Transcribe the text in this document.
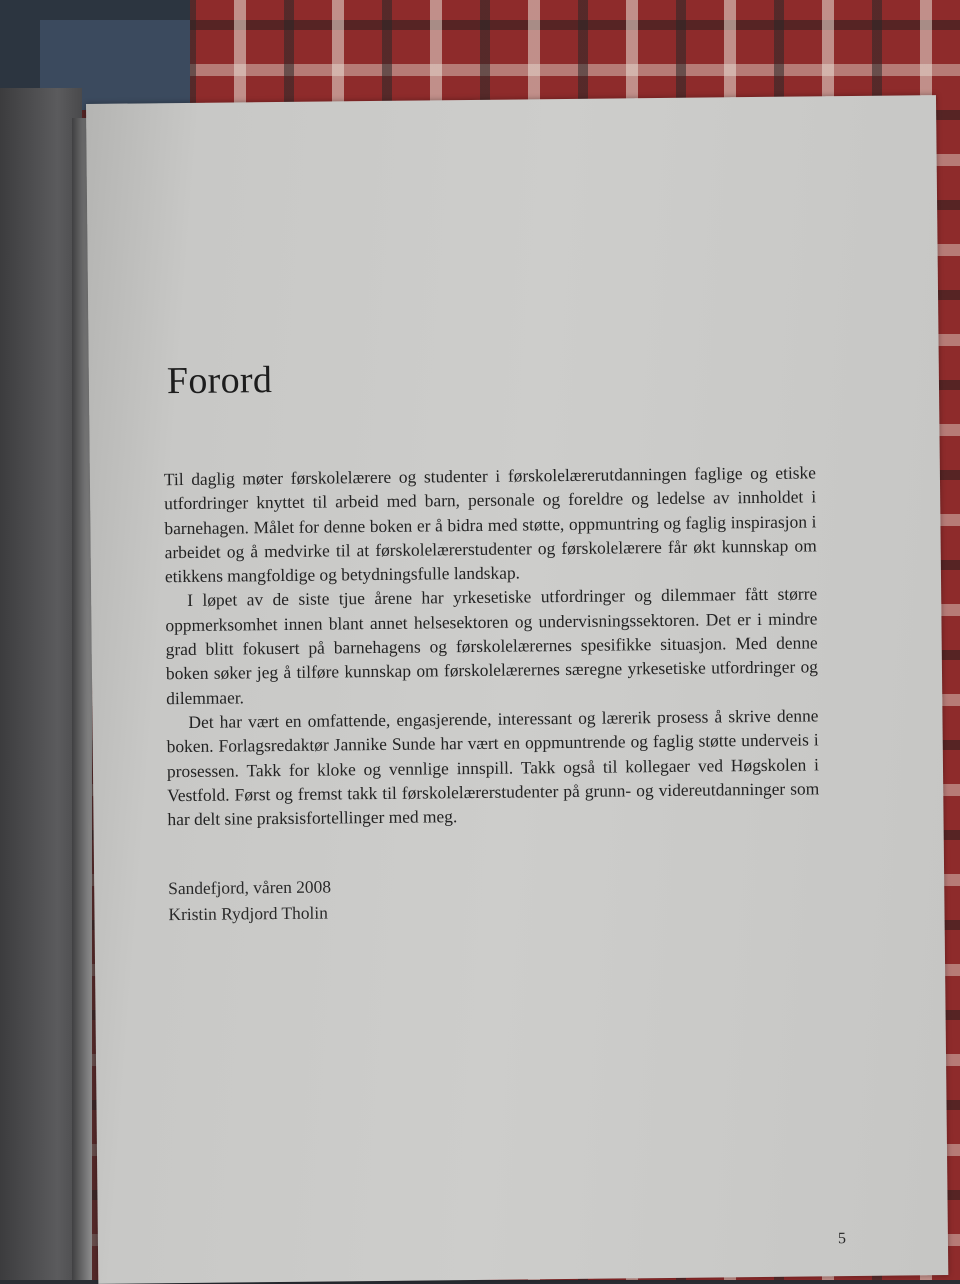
Forord

Til daglig møter førskolelærere og studenter i førskolelærerutdanningen faglige og etiske utfordringer knyttet til arbeid med barn, personale og foreldre og ledelse av innholdet i barnehagen. Målet for denne boken er å bidra med støtte, oppmuntring og faglig inspirasjon i arbeidet og å medvirke til at førskolelærerstudenter og førskolelærere får økt kunnskap om etikkens mangfoldige og betydningsfulle landskap.

I løpet av de siste tjue årene har yrkesetiske utfordringer og dilemmaer fått større oppmerksomhet innen blant annet helsesektoren og undervisningssektoren. Det er i mindre grad blitt fokusert på barnehagens og førskolelærernes spesifikke situasjon. Med denne boken søker jeg å tilføre kunnskap om førskolelærernes særegne yrkesetiske utfordringer og dilemmaer.

Det har vært en omfattende, engasjerende, interessant og lærerik prosess å skrive denne boken. Forlagsredaktør Jannike Sunde har vært en oppmuntrende og faglig støtte underveis i prosessen. Takk for kloke og vennlige innspill. Takk også til kollegaer ved Høgskolen i Vestfold. Først og fremst takk til førskolelærerstudenter på grunn- og videreutdanninger som har delt sine praksisfortellinger med meg.

Sandefjord, våren 2008
Kristin Rydjord Tholin
5
